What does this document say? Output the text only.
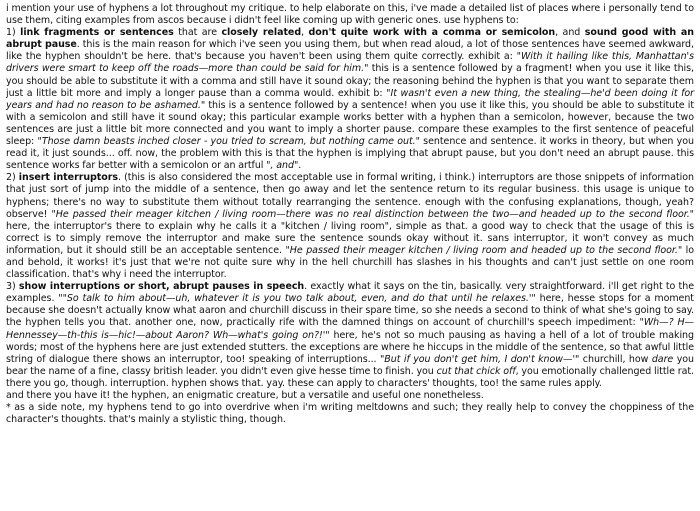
i mention your use of hyphens a lot throughout my critique. to help elaborate on this, i've made a detailed list of places where i personally tend to use them, citing examples from ascos because i didn't feel like coming up with generic ones. use hyphens to:

1) link fragments or sentences that are closely related, don't quite work with a comma or semicolon, and sound good with an abrupt pause. this is the main reason for which i've seen you using them, but when read aloud, a lot of those sentences have seemed awkward, like the hyphen shouldn't be here. that's because you haven't been using them quite correctly. exhibit a: "With it hailing like this, Manhattan's drivers were smart to keep off the roads—more than could be said for him." this is a sentence followed by a fragment! when you use it like this, you should be able to substitute it with a comma and still have it sound okay; the reasoning behind the hyphen is that you want to separate them just a little bit more and imply a longer pause than a comma would. exhibit b: "It wasn't even a new thing, the stealing—he'd been doing it for years and had no reason to be ashamed." this is a sentence followed by a sentence! when you use it like this, you should be able to substitute it with a semicolon and still have it sound okay; this particular example works better with a hyphen than a semicolon, however, because the two sentences are just a little bit more connected and you want to imply a shorter pause. compare these examples to the first sentence of peaceful sleep: "Those damn beasts inched closer - you tried to scream, but nothing came out." sentence and sentence. it works in theory, but when you read it, it just sounds... off. now, the problem with this is that the hyphen is implying that abrupt pause, but you don't need an abrupt pause. this sentence works far better with a semicolon or an artful ", and".

2) insert interruptors. (this is also considered the most acceptable use in formal writing, i think.) interruptors are those snippets of information that just sort of jump into the middle of a sentence, then go away and let the sentence return to its regular business. this usage is unique to hyphens; there's no way to substitute them without totally rearranging the sentence. enough with the confusing explanations, though, yeah? observe! "He passed their meager kitchen / living room—there was no real distinction between the two—and headed up to the second floor." here, the interruptor's there to explain why he calls it a "kitchen / living room", simple as that. a good way to check that the usage of this is correct is to simply remove the interruptor and make sure the sentence sounds okay without it. sans interruptor, it won't convey as much information, but it should still be an acceptable sentence. "He passed their meager kitchen / living room and headed up to the second floor." lo and behold, it works! it's just that we're not quite sure why in the hell churchill has slashes in his thoughts and can't just settle on one room classification. that's why i need the interruptor.

3) show interruptions or short, abrupt pauses in speech. exactly what it says on the tin, basically. very straightforward. i'll get right to the examples. ""So talk to him about—uh, whatever it is you two talk about, even, and do that until he relaxes.'" here, hesse stops for a moment because she doesn't actually know what aaron and churchill discuss in their spare time, so she needs a second to think of what she's going to say. the hyphen tells you that. another one, now, practically rife with the damned things on account of churchill's speech impediment: "Wh—? H—Hennessey—th-this is—hic!—about Aaron? Wh—what's going on?!'" here, he's not so much pausing as having a hell of a lot of trouble making words; most of the hyphens here are just extended stutters. the exceptions are where he hiccups in the middle of the sentence, so that awful little string of dialogue there shows an interruptor, too! speaking of interruptions... "But if you don't get him, I don't know—'" churchill, how dare you bear the name of a fine, classy british leader. you didn't even give hesse time to finish. you cut that chick off, you emotionally challenged little rat. there you go, though. interruption. hyphen shows that. yay. these can apply to characters' thoughts, too! the same rules apply.

and there you have it! the hyphen, an enigmatic creature, but a versatile and useful one nonetheless.

* as a side note, my hyphens tend to go into overdrive when i'm writing meltdowns and such; they really help to convey the choppiness of the character's thoughts. that's mainly a stylistic thing, though.
